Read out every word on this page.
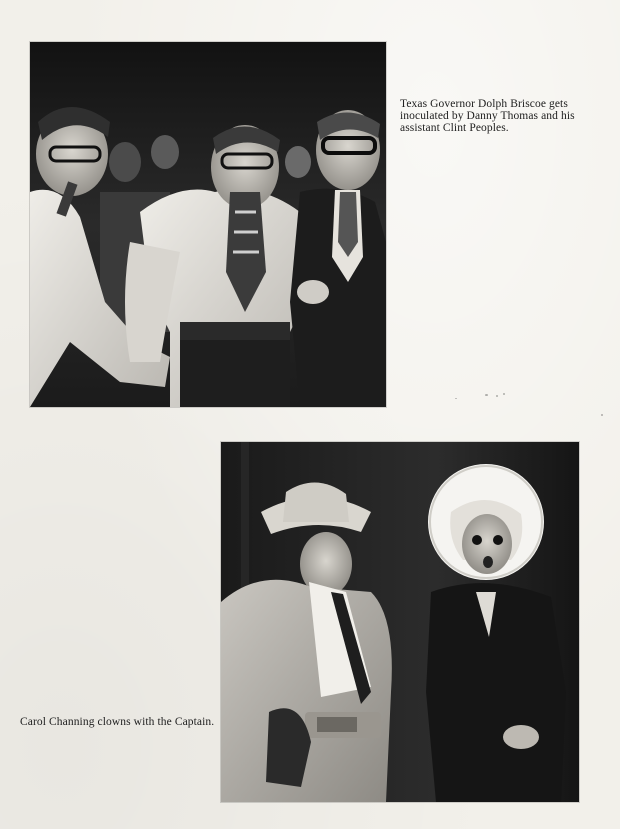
Texas Governor Dolph Briscoe gets inoculated by Danny Thomas and his assistant Clint Peoples.
Carol Channing clowns with the Captain.
